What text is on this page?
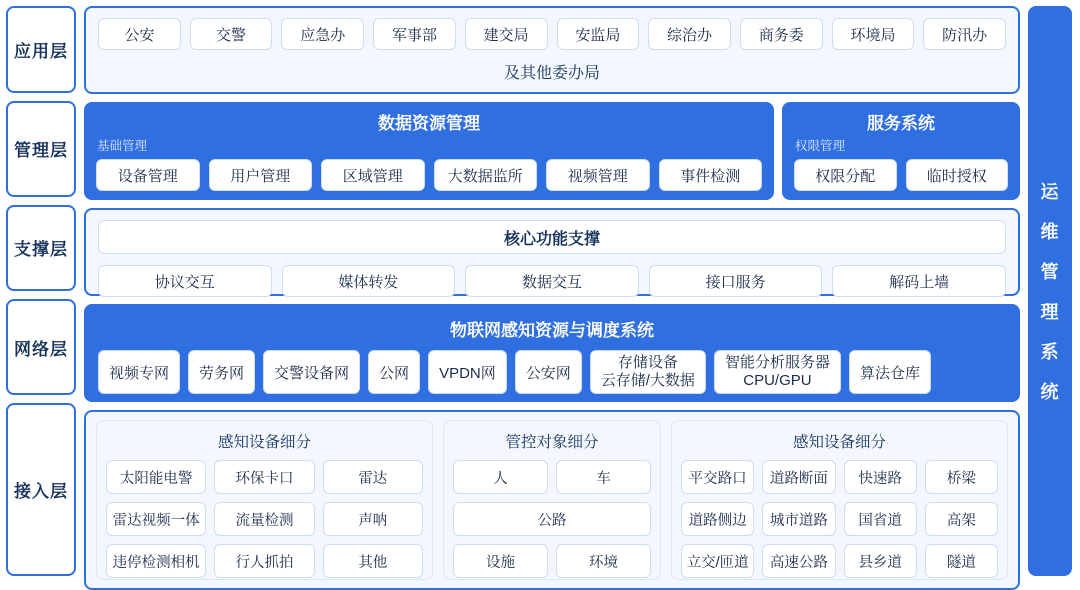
应用层
管理层
支撑层
网络层
接入层
公安	交警	应急办	军事部	建交局	安监局	综治办	商务委	环境局	防汛办
及其他委办局
数据资源管理
基础管理
设备管理	用户管理	区域管理	大数据监所	视频管理	事件检测
服务系统
权限管理
权限分配	临时授权
核心功能支撑
协议交互	媒体转发	数据交互	接口服务	解码上墙
物联网感知资源与调度系统
视频专网	劳务网	交警设备网	公网	VPDN网	公安网
存储设备
云存储/大数据
智能分析服务器
CPU/GPU	算法仓库
感知设备细分
太阳能电警	环保卡口	雷达
雷达视频一体	流量检测	声呐
违停检测相机	行人抓拍	其他
管控对象细分
人	车
公路
设施	环境
感知设备细分
平交路口	道路断面	快速路	桥梁
道路侧边	城市道路	国省道	高架
立交/匝道	高速公路	县乡道	隧道
运
维
管
理
系
统
